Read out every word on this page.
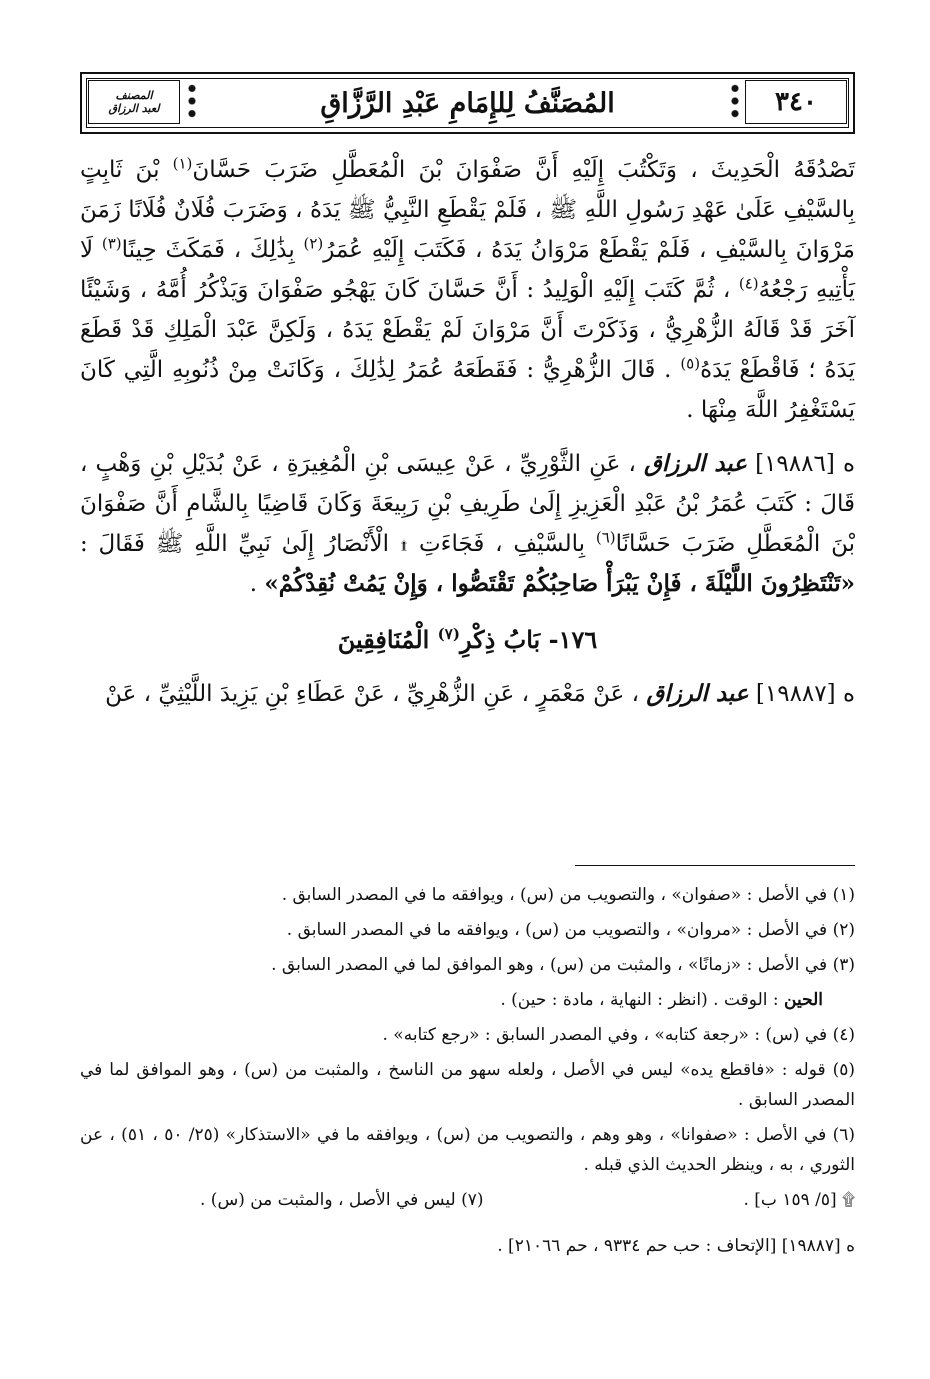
المُصَنَّفُ لِلإِمَامِ عَبْدِ الرَّزَّاقِ	٣٤٠
المصنف
لعبد الرزاق

تَصْدُقَهُ الْحَدِيثَ ، وَتَكْتُبَ إِلَيْهِ أَنَّ صَفْوَانَ بْنَ الْمُعَطَّلِ ضَرَبَ حَسَّانَ$^{(١)}$ بْنَ ثَابِتٍ بِالسَّيْفِ عَلَىٰ عَهْدِ رَسُولِ اللَّهِ ﷺ ، فَلَمْ يَقْطَعِ النَّبِيُّ ﷺ يَدَهُ ، وَضَرَبَ فُلَانٌ فُلَانًا زَمَنَ مَرْوَانَ بِالسَّيْفِ ، فَلَمْ يَقْطَعْ مَرْوَانُ يَدَهُ ، فَكَتَبَ إِلَيْهِ عُمَرُ$^{(٢)}$ بِذَٰلِكَ ، فَمَكَثَ حِينًا$^{(٣)}$ لَا يَأْتِيهِ رَجْعُهُ$^{(٤)}$ ، ثُمَّ كَتَبَ إِلَيْهِ الْوَلِيدُ : أَنَّ حَسَّانَ كَانَ يَهْجُو صَفْوَانَ وَيَذْكُرُ أُمَّهُ ، وَشَيْئًا آخَرَ قَدْ قَالَهُ الزُّهْرِيُّ ، وَذَكَرْتَ أَنَّ مَرْوَانَ لَمْ يَقْطَعْ يَدَهُ ، وَلَكِنَّ عَبْدَ الْمَلِكِ قَدْ قَطَعَ يَدَهُ ؛ فَاقْطَعْ يَدَهُ$^{(٥)}$ . قَالَ الزُّهْرِيُّ : فَقَطَعَهُ عُمَرُ لِذَٰلِكَ ، وَكَانَتْ مِنْ ذُنُوبِهِ الَّتِي كَانَ يَسْتَغْفِرُ اللَّهَ مِنْهَا .

ه [١٩٨٨٦] عبد الرزاق ، عَنِ الثَّوْرِيِّ ، عَنْ عِيسَى بْنِ الْمُغِيرَةِ ، عَنْ بُدَيْلِ بْنِ وَهْبٍ ، قَالَ : كَتَبَ عُمَرُ بْنُ عَبْدِ الْعَزِيزِ إِلَىٰ طَرِيفِ بْنِ رَبِيعَةَ وَكَانَ قَاضِيًا بِالشَّامِ أَنَّ صَفْوَانَ بْنَ الْمُعَطَّلِ ضَرَبَ حَسَّانًا$^{(٦)}$ بِالسَّيْفِ ، فَجَاءَتِ ۩ الْأَنْصَارُ إِلَىٰ نَبِيِّ اللَّهِ ﷺ فَقَالَ : «تَنْتَظِرُونَ اللَّيْلَةَ ، فَإِنْ يَبْرَأْ صَاحِبُكُمْ تَقْتَصُّوا ، وَإِنْ يَمُتْ نُقِدْكُمْ» .

١٧٦- بَابُ ذِكْرِ$^{(٧)}$ الْمُنَافِقِينَ

ه [١٩٨٨٧] عبد الرزاق ، عَنْ مَعْمَرٍ ، عَنِ الزُّهْرِيِّ ، عَنْ عَطَاءِ بْنِ يَزِيدَ اللَّيْثِيِّ ، عَنْ

(١) في الأصل : «صفوان» ، والتصويب من (س) ، ويوافقه ما في المصدر السابق .

(٢) في الأصل : «مروان» ، والتصويب من (س) ، ويوافقه ما في المصدر السابق .

(٣) في الأصل : «زمانًا» ، والمثبت من (س) ، وهو الموافق لما في المصدر السابق .

الحين : الوقت . (انظر : النهاية ، مادة : حين) .

(٤) في (س) : «رجعة كتابه» ، وفي المصدر السابق : «رجع كتابه» .

(٥) قوله : «فاقطع يده» ليس في الأصل ، ولعله سهو من الناسخ ، والمثبت من (س) ، وهو الموافق لما في المصدر السابق .

(٦) في الأصل : «صفوانا» ، وهو وهم ، والتصويب من (س) ، ويوافقه ما في «الاستذكار» (٢٥/ ٥٠ ، ٥١) ، عن الثوري ، به ، وينظر الحديث الذي قبله .

۩ [٥/ ١٥٩ ب] .
(٧) ليس في الأصل ، والمثبت من (س) .

ه [١٩٨٨٧] [الإتحاف : حب حم ٩٣٣٤ ، حم ٢١٠٦٦] .
